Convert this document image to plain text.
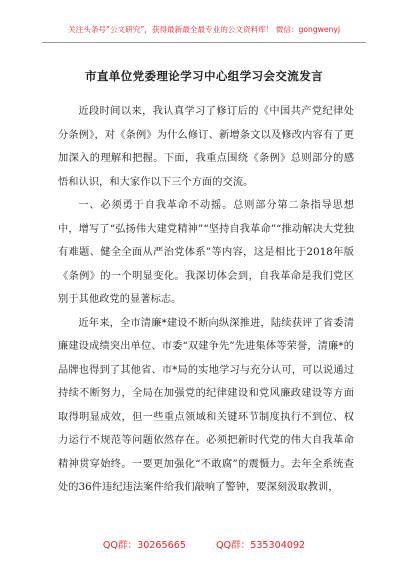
关注头条号“公文研究”，获得最新最全最专业的公文资料库！ 微信：gongwenyj
市直单位党委理论学习中心组学习会交流发言

近段时间以来，我认真学习了修订后的《中国共产党纪律处分条例》，对《条例》为什么修订、新增条文以及修改内容有了更加深入的理解和把握。下面，我重点围绕《条例》总则部分的感悟和认识，和大家作以下三个方面的交流。

一、必须勇于自我革命不动摇。总则部分第二条指导思想中，增写了“弘扬伟大建党精神”“坚持自我革命”“推动解决大党独有难题、健全全面从严治党体系”等内容，这是相比于2018年版《条例》的一个明显变化。我深切体会到，自我革命是我们党区别于其他政党的显著标志。

近年来，全市清廉*建设不断向纵深推进，陆续获评了省委清廉建设成绩突出单位、市委“双建争先”先进集体等荣誉，清廉*的品牌也得到了其他省、市*局的实地学习与充分认可，可以说通过持续不断努力，全局在加强党的纪律建设和党风廉政建设等方面取得明显成效，但一些重点领域和关键环节制度执行不到位、权力运行不规范等问题依然存在。必须把新时代党的伟大自我革命精神贯穿始终。一要更加强化“不敢腐”的震慑力。去年全系统查处的36件违纪违法案件给我们敲响了警钟，要深刻汲取教训，

QQ群：30265665	QQ群：535304092
